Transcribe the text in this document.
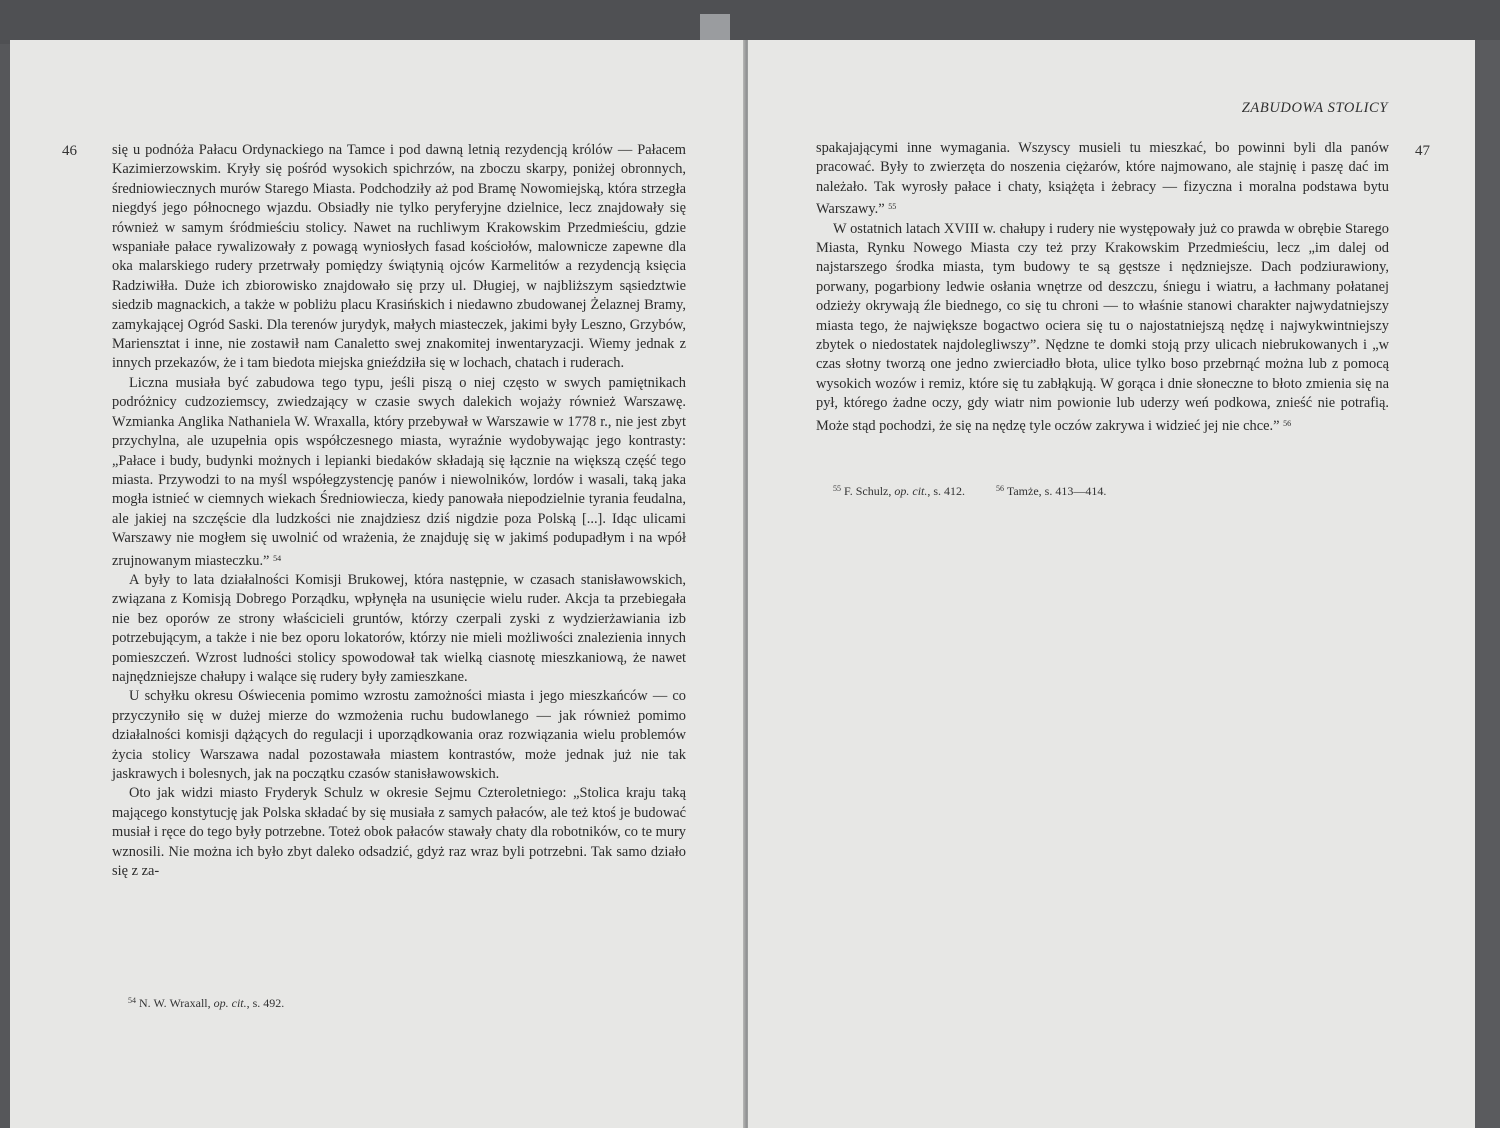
46 się u podnóża Pałacu Ordynackiego na Tamce i pod dawną letnią rezydencją królów — Pałacem Kazimierzowskim. Kryły się pośród wysokich spichrzów, na zboczu skarpy, poniżej obronnych, średniowiecznych murów Starego Miasta. Podchodziły aż pod Bramę Nowomiejską, która strzegła niegdyś jego północnego wjazdu. Obsiadły nie tylko peryferyjne dzielnice, lecz znajdowały się również w samym śródmieściu stolicy. Nawet na ruchliwym Krakowskim Przedmieściu, gdzie wspaniałe pałace rywalizowały z powagą wyniosłych fasad kościołów, malownicze zapewne dla oka malarskiego rudery przetrwały pomiędzy świątynią ojców Karmelitów a rezydencją księcia Radziwiłła. Duże ich zbiorowisko znajdowało się przy ul. Długiej, w najbliższym sąsiedztwie siedzib magnackich, a także w pobliżu placu Krasińskich i niedawno zbudowanej Żelaznej Bramy, zamykającej Ogród Saski. Dla terenów jurydyk, małych miasteczek, jakimi były Leszno, Grzybów, Mariensztat i inne, nie zostawił nam Canaletto swej znakomitej inwentaryzacji. Wiemy jednak z innych przekazów, że i tam biedota miejska gnieździła się w lochach, chatach i ruderach.

Liczna musiała być zabudowa tego typu, jeśli piszą o niej często w swych pamiętnikach podróżnicy cudzoziemscy, zwiedzający w czasie swych dalekich wojaży również Warszawę. Wzmianka Anglika Nathaniela W. Wraxalla, który przebywał w Warszawie w 1778 r., nie jest zbyt przychylna, ale uzupełnia opis współczesnego miasta, wyraźnie wydobywając jego kontrasty: „Pałace i budy, budynki możnych i lepianki biedaków składają się łącznie na większą część tego miasta. Przywodzi to na myśl współegzystencję panów i niewolników, lordów i wasali, taką jaka mogła istnieć w ciemnych wiekach Średniowiecza, kiedy panowała niepodzielnie tyrania feudalna, ale jakiej na szczęście dla ludzkości nie znajdziesz dziś nigdzie poza Polską [...]. Idąc ulicami Warszawy nie mogłem się uwolnić od wrażenia, że znajduję się w jakimś podupadłym i na wpół zrujnowanym miasteczku.” $^{54}$

A były to lata działalności Komisji Brukowej, która następnie, w czasach stanisławowskich, związana z Komisją Dobrego Porządku, wpłynęła na usunięcie wielu ruder. Akcja ta przebiegała nie bez oporów ze strony właścicieli gruntów, którzy czerpali zyski z wydzierżawiania izb potrzebującym, a także i nie bez oporu lokatorów, którzy nie mieli możliwości znalezienia innych pomieszczeń. Wzrost ludności stolicy spowodował tak wielką ciasnotę mieszkaniową, że nawet najnędzniejsze chałupy i walące się rudery były zamieszkane.

U schyłku okresu Oświecenia pomimo wzrostu zamożności miasta i jego mieszkańców — co przyczyniło się w dużej mierze do wzmożenia ruchu budowlanego — jak również pomimo działalności komisji dążących do regulacji i uporządkowania oraz rozwiązania wielu problemów życia stolicy Warszawa nadal pozostawała miastem kontrastów, może jednak już nie tak jaskrawych i bolesnych, jak na początku czasów stanisławowskich.

Oto jak widzi miasto Fryderyk Schulz w okresie Sejmu Czteroletniego: „Stolica kraju taką mającego konstytucję jak Polska składać by się musiała z samych pałaców, ale też ktoś je budować musiał i ręce do tego były potrzebne. Toteż obok pałaców stawały chaty dla robotników, co te mury wznosili. Nie można ich było zbyt daleko odsadzić, gdyż raz wraz byli potrzebni. Tak samo działo się z za-

$^{54}$ N. W. Wraxall, op. cit., s. 492.
ZABUDOWA STOLICY
47

spakajającymi inne wymagania. Wszyscy musieli tu mieszkać, bo powinni byli dla panów pracować. Były to zwierzęta do noszenia ciężarów, które najmowano, ale stajnię i paszę dać im należało. Tak wyrosły pałace i chaty, książęta i żebracy — fizyczna i moralna podstawa bytu Warszawy.” $^{55}$

W ostatnich latach XVIII w. chałupy i rudery nie występowały już co prawda w obrębie Starego Miasta, Rynku Nowego Miasta czy też przy Krakowskim Przedmieściu, lecz „im dalej od najstarszego środka miasta, tym budowy te są gęstsze i nędzniejsze. Dach podziurawiony, porwany, pogarbiony ledwie osłania wnętrze od deszczu, śniegu i wiatru, a łachmany połatanej odzieży okrywają źle biednego, co się tu chroni — to właśnie stanowi charakter najwydatniejszy miasta tego, że największe bogactwo ociera się tu o najostatniejszą nędzę i najwykwintniejszy zbytek o niedostatek najdolegliwszy”. Nędzne te domki stoją przy ulicach niebrukowanych i „w czas słotny tworzą one jedno zwierciadło błota, ulice tylko boso przebrnąć można lub z pomocą wysokich wozów i remiz, które się tu zabłąkują. W gorąca i dnie słoneczne to błoto zmienia się na pył, którego żadne oczy, gdy wiatr nim powionie lub uderzy weń podkowa, znieść nie potrafią. Może stąd pochodzi, że się na nędzę tyle oczów zakrywa i widzieć jej nie chce.” $^{56}$

$^{55}$ F. Schulz, op. cit., s. 412.	$^{56}$ Tamże, s. 413—414.
